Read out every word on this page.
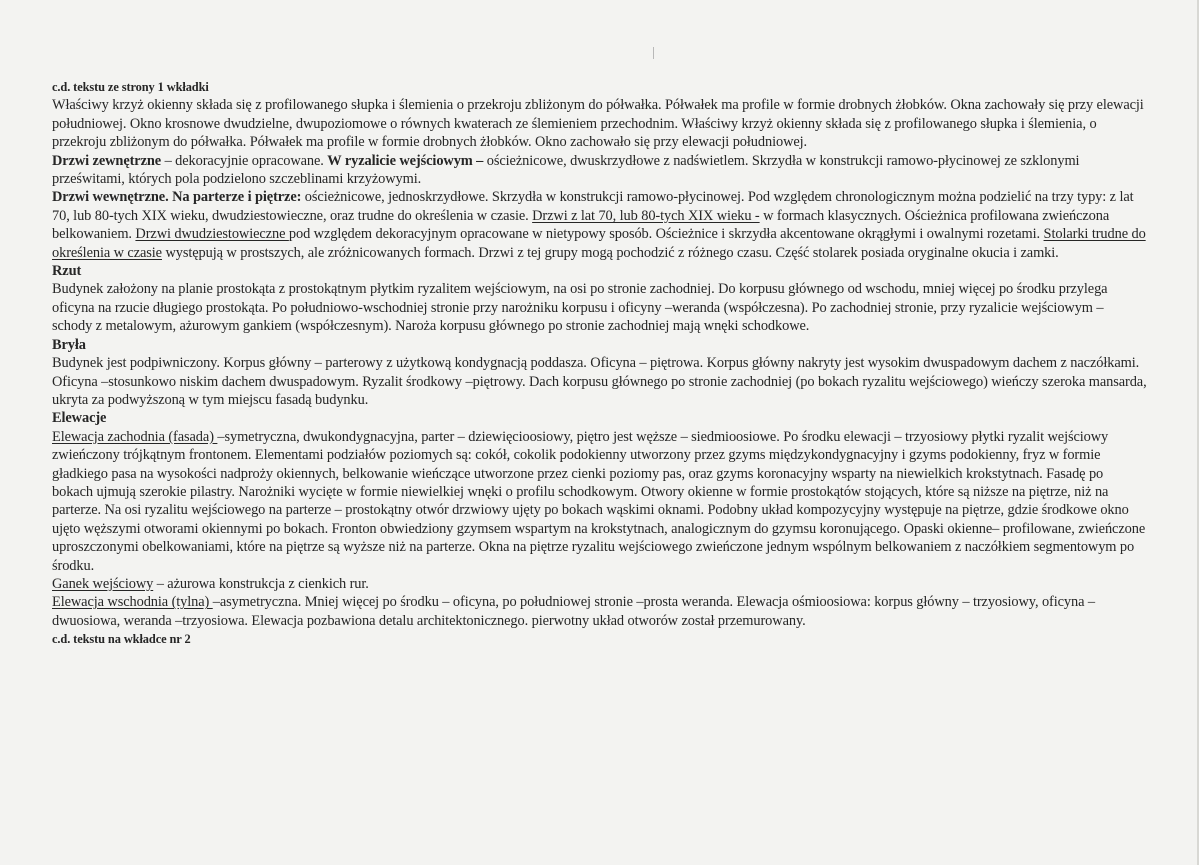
c.d. tekstu ze strony 1 wkładki

Właściwy krzyż okienny składa się z profilowanego słupka i ślemienia o przekroju zbliżonym do półwałka. Półwałek ma profile w formie drobnych żłobków. Okna zachowały się przy elewacji południowej. Okno krosnowe dwudzielne, dwupoziomowe o równych kwaterach ze ślemieniem przechodnim. Właściwy krzyż okienny składa się z profilowanego słupka i ślemienia, o przekroju zbliżonym do półwałka. Półwałek ma profile w formie drobnych żłobków. Okno zachowało się przy elewacji południowej.

Drzwi zewnętrzne – dekoracyjnie opracowane. W ryzalicie wejściowym – ościeżnicowe, dwuskrzydłowe z nadświetlem. Skrzydła w konstrukcji ramowo-płycinowej ze szklonymi prześwitami, których pola podzielono szczeblinami krzyżowymi.

Drzwi wewnętrzne. Na parterze i piętrze: ościeżnicowe, jednoskrzydłowe. Skrzydła w konstrukcji ramowo-płycinowej. Pod względem chronologicznym można podzielić na trzy typy: z lat 70, lub 80-tych XIX wieku, dwudziestowieczne, oraz trudne do określenia w czasie. Drzwi z lat 70, lub 80-tych XIX wieku - w formach klasycznych. Ościeżnica profilowana zwieńczona belkowaniem. Drzwi dwudziestowieczne pod względem dekoracyjnym opracowane w nietypowy sposób. Ościeżnice i skrzydła akcentowane okrągłymi i owalnymi rozetami. Stolarki trudne do określenia w czasie występują w prostszych, ale zróżnicowanych formach. Drzwi z tej grupy mogą pochodzić z różnego czasu. Część stolarek posiada oryginalne okucia i zamki.

Rzut

Budynek założony na planie prostokąta z prostokątnym płytkim ryzalitem wejściowym, na osi po stronie zachodniej. Do korpusu głównego od wschodu, mniej więcej po środku przylega oficyna na rzucie długiego prostokąta. Po południowo-wschodniej stronie przy narożniku korpusu i oficyny –weranda (współczesna). Po zachodniej stronie, przy ryzalicie wejściowym – schody z metalowym, ażurowym gankiem (współczesnym). Naroża korpusu głównego po stronie zachodniej mają wnęki schodkowe.

Bryła

Budynek jest podpiwniczony. Korpus główny – parterowy z użytkową kondygnacją poddasza. Oficyna – piętrowa. Korpus główny nakryty jest wysokim dwuspadowym dachem z naczółkami. Oficyna –stosunkowo niskim dachem dwuspadowym. Ryzalit środkowy –piętrowy. Dach korpusu głównego po stronie zachodniej (po bokach ryzalitu wejściowego) wieńczy szeroka mansarda, ukryta za podwyższoną w tym miejscu fasadą budynku.

Elewacje

Elewacja zachodnia (fasada) –symetryczna, dwukondygnacyjna, parter – dziewięcioosiowy, piętro jest węższe – siedmioosiowe. Po środku elewacji – trzyosiowy płytki ryzalit wejściowy zwieńczony trójkątnym frontonem. Elementami podziałów poziomych są: cokół, cokolik podokienny utworzony przez gzyms międzykondygnacyjny i gzyms podokienny, fryz w formie gładkiego pasa na wysokości nadproży okiennych, belkowanie wieńczące utworzone przez cienki poziomy pas, oraz gzyms koronacyjny wsparty na niewielkich krokstytnach. Fasadę po bokach ujmują szerokie pilastry. Narożniki wycięte w formie niewielkiej wnęki o profilu schodkowym. Otwory okienne w formie prostokątów stojących, które są niższe na piętrze, niż na parterze. Na osi ryzalitu wejściowego na parterze – prostokątny otwór drzwiowy ujęty po bokach wąskimi oknami. Podobny układ kompozycyjny występuje na piętrze, gdzie środkowe okno ujęto węższymi otworami okiennymi po bokach. Fronton obwiedziony gzymsem wspartym na krokstytnach, analogicznym do gzymsu koronującego. Opaski okienne– profilowane, zwieńczone uproszczonymi obelkowaniami, które na piętrze są wyższe niż na parterze. Okna na piętrze ryzalitu wejściowego zwieńczone jednym wspólnym belkowaniem z naczółkiem segmentowym po środku.

Ganek wejściowy – ażurowa konstrukcja z cienkich rur.

Elewacja wschodnia (tylna) –asymetryczna. Mniej więcej po środku – oficyna, po południowej stronie –prosta weranda. Elewacja ośmioosiowa: korpus główny – trzyosiowy, oficyna –dwuosiowa, weranda –trzyosiowa. Elewacja pozbawiona detalu architektonicznego. pierwotny układ otworów został przemurowany.

c.d. tekstu na wkładce nr 2
